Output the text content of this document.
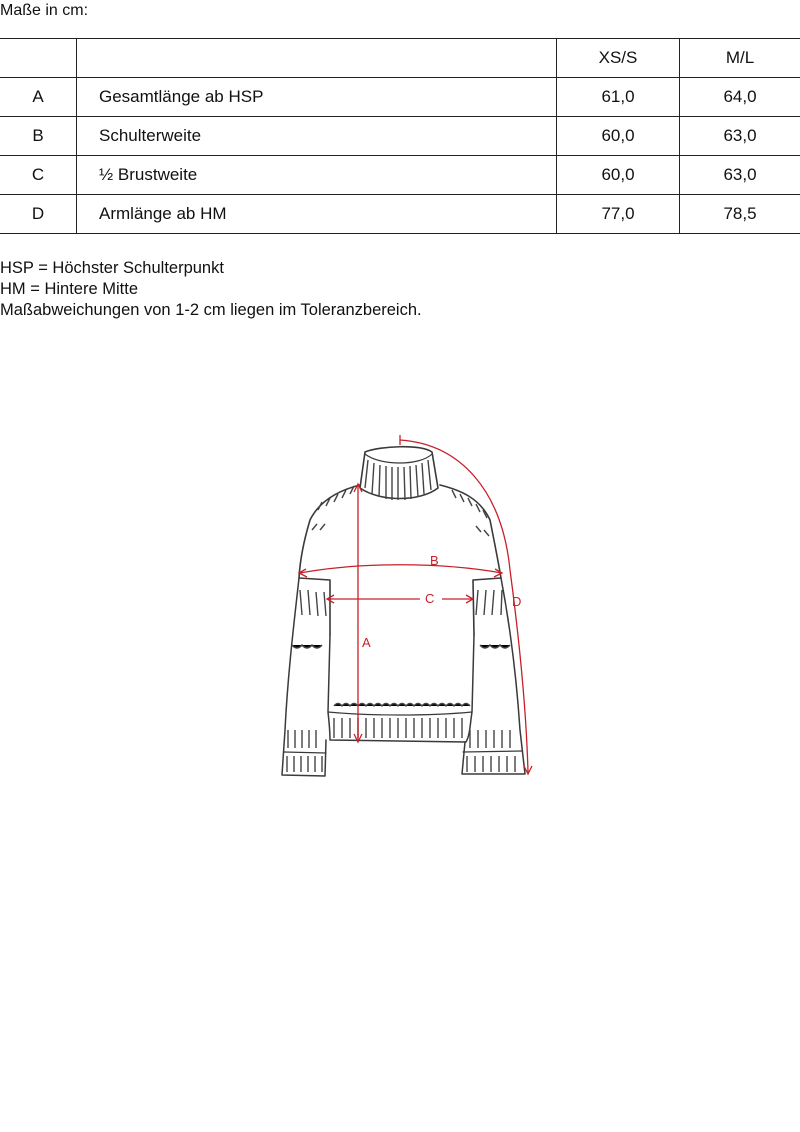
Maße in cm:
		XS/S	M/L
A	Gesamtlänge ab HSP	61,0	64,0
B	Schulterweite	60,0	63,0
C	½ Brustweite	60,0	63,0
D	Armlänge ab HM	77,0	78,5
HSP = Höchster Schulterpunkt
HM = Hintere Mitte
Maßabweichungen von 1-2 cm liegen im Toleranzbereich.
A
B
C	D
